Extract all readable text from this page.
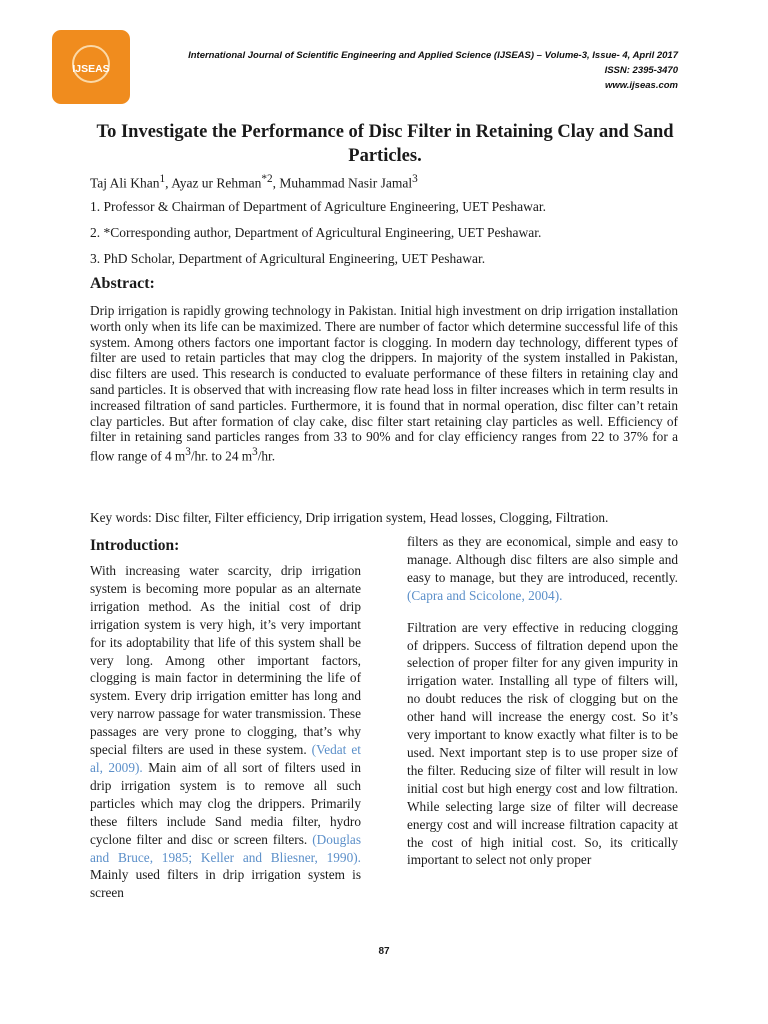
IJSEAS
International Journal of Scientific Engineering and Applied Science (IJSEAS) – Volume-3, Issue- 4, April 2017
ISSN: 2395-3470
www.ijseas.com
To Investigate the Performance of Disc Filter in Retaining Clay and Sand Particles.
Taj Ali Khan$^1$, Ayaz ur Rehman$^{*2}$, Muhammad Nasir Jamal$^3$
1. Professor & Chairman of Department of Agriculture Engineering, UET Peshawar.
2. *Corresponding author, Department of Agricultural Engineering, UET Peshawar.
3. PhD Scholar, Department of Agricultural Engineering, UET Peshawar.
Abstract:
Drip irrigation is rapidly growing technology in Pakistan. Initial high investment on drip irrigation installation worth only when its life can be maximized. There are number of factor which determine successful life of this system. Among others factors one important factor is clogging. In modern day technology, different types of filter are used to retain particles that may clog the drippers. In majority of the system installed in Pakistan, disc filters are used. This research is conducted to evaluate performance of these filters in retaining clay and sand particles. It is observed that with increasing flow rate head loss in filter increases which in term results in increased filtration of sand particles. Furthermore, it is found that in normal operation, disc filter can’t retain clay particles. But after formation of clay cake, disc filter start retaining clay particles as well. Efficiency of filter in retaining sand particles ranges from 33 to 90% and for clay efficiency ranges from 22 to 37% for a flow range of 4 $m^3/hr$. to 24 $m^3/hr$.
Key words: Disc filter, Filter efficiency, Drip irrigation system, Head losses, Clogging, Filtration.
Introduction:

With increasing water scarcity, drip irrigation system is becoming more popular as an alternate irrigation method. As the initial cost of drip irrigation system is very high, it’s very important for its adoptability that life of this system shall be very long. Among other important factors, clogging is main factor in determining the life of system. Every drip irrigation emitter has long and very narrow passage for water transmission. These passages are very prone to clogging, that’s why special filters are used in these system. (Vedat et al, 2009). Main aim of all sort of filters used in drip irrigation system is to remove all such particles which may clog the drippers. Primarily these filters include Sand media filter, hydro cyclone filter and disc or screen filters. (Douglas and Bruce, 1985; Keller and Bliesner, 1990). Mainly used filters in drip irrigation system is screen

filters as they are economical, simple and easy to manage. Although disc filters are also simple and easy to manage, but they are introduced, recently. (Capra and Scicolone, 2004).

Filtration are very effective in reducing clogging of drippers. Success of filtration depend upon the selection of proper filter for any given impurity in irrigation water. Installing all type of filters will, no doubt reduces the risk of clogging but on the other hand will increase the energy cost. So it’s very important to know exactly what filter is to be used. Next important step is to use proper size of the filter. Reducing size of filter will result in low initial cost but high energy cost and low filtration. While selecting large size of filter will decrease energy cost and will increase filtration capacity at the cost of high initial cost. So, its critically important to select not only proper

87
